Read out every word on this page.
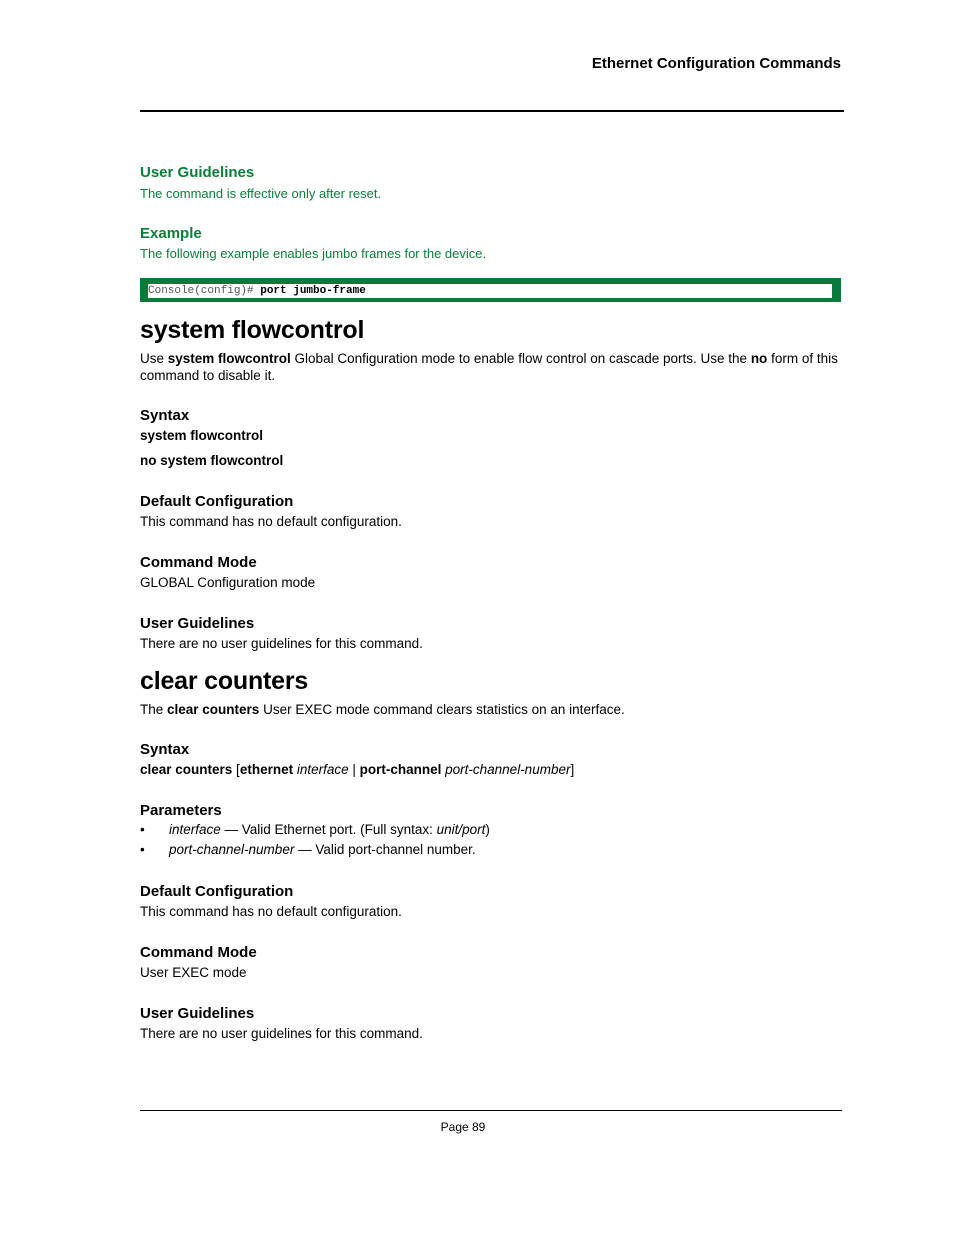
Ethernet Configuration Commands
User Guidelines
The command is effective only after reset.
Example
The following example enables jumbo frames for the device.
Console(config)# port jumbo-frame
system flowcontrol
Use system flowcontrol Global Configuration mode to enable flow control on cascade ports. Use the no form of this command to disable it.
Syntax
system flowcontrol
no system flowcontrol
Default Configuration
This command has no default configuration.
Command Mode
GLOBAL Configuration mode
User Guidelines
There are no user guidelines for this command.
clear counters
The clear counters User EXEC mode command clears statistics on an interface.
Syntax
clear counters [ethernet interface | port-channel port-channel-number]
Parameters
• interface — Valid Ethernet port. (Full syntax: unit/port)
• port-channel-number — Valid port-channel number.
Default Configuration
This command has no default configuration.
Command Mode
User EXEC mode
User Guidelines
There are no user guidelines for this command.
Page 89
